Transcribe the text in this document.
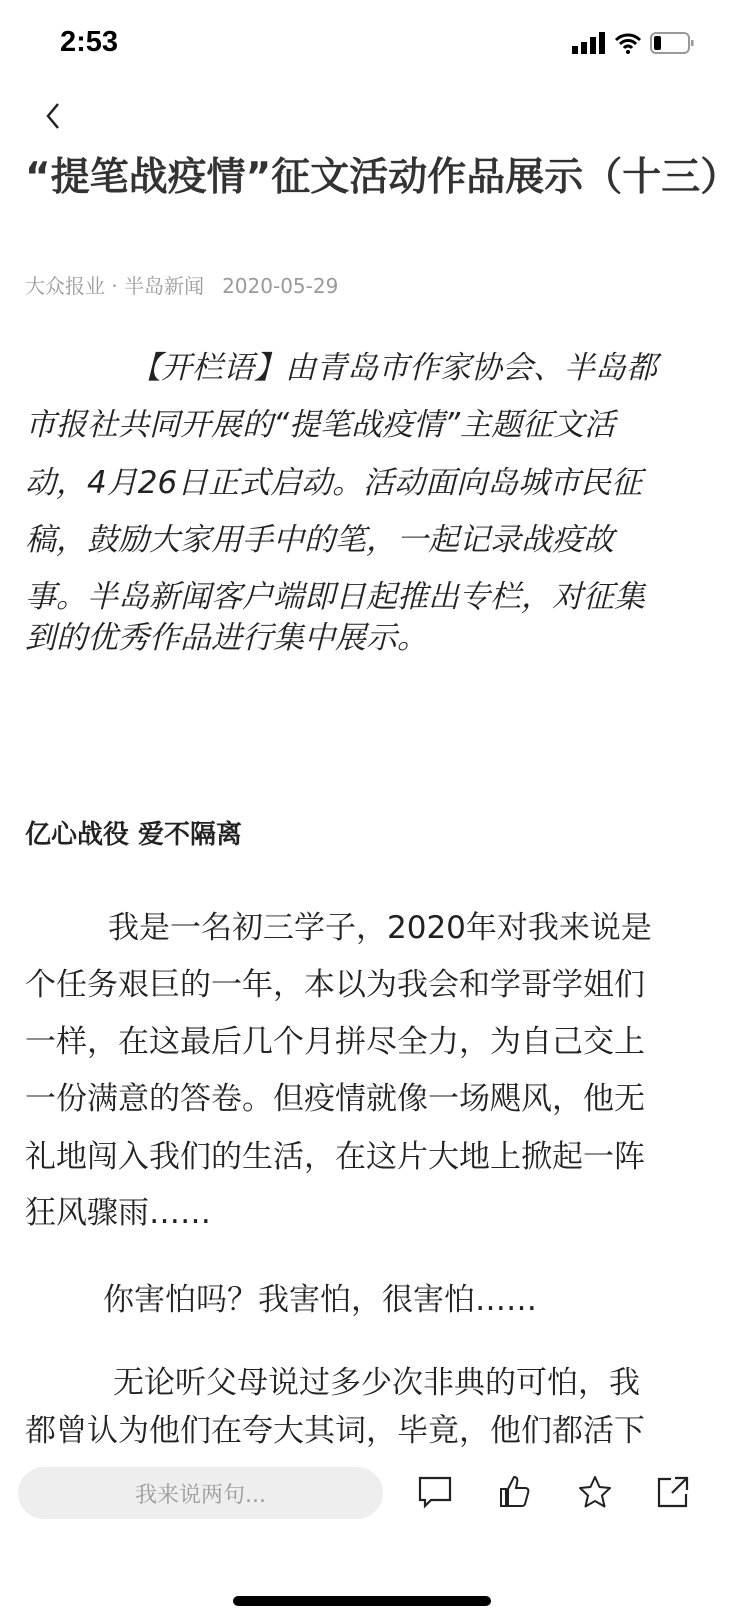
2:53
“提笔战疫情”征文活动作品展示（十三）
大众报业 · 半岛新闻 2020-05-29
【开栏语】由青岛市作家协会、半岛都
市报社共同开展的“提笔战疫情”主题征文活
动，4月26日正式启动。活动面向岛城市民征
稿，鼓励大家用手中的笔，一起记录战疫故
事。半岛新闻客户端即日起推出专栏，对征集
到的优秀作品进行集中展示。
亿心战役 爱不隔离
我是一名初三学子，2020年对我来说是
个任务艰巨的一年，本以为我会和学哥学姐们
一样，在这最后几个月拼尽全力，为自己交上
一份满意的答卷。但疫情就像一场飓风，他无
礼地闯入我们的生活，在这片大地上掀起一阵
狂风骤雨……
你害怕吗？我害怕，很害怕……
无论听父母说过多少次非典的可怕，我
都曾认为他们在夸大其词，毕竟，他们都活下
我来说两句...
